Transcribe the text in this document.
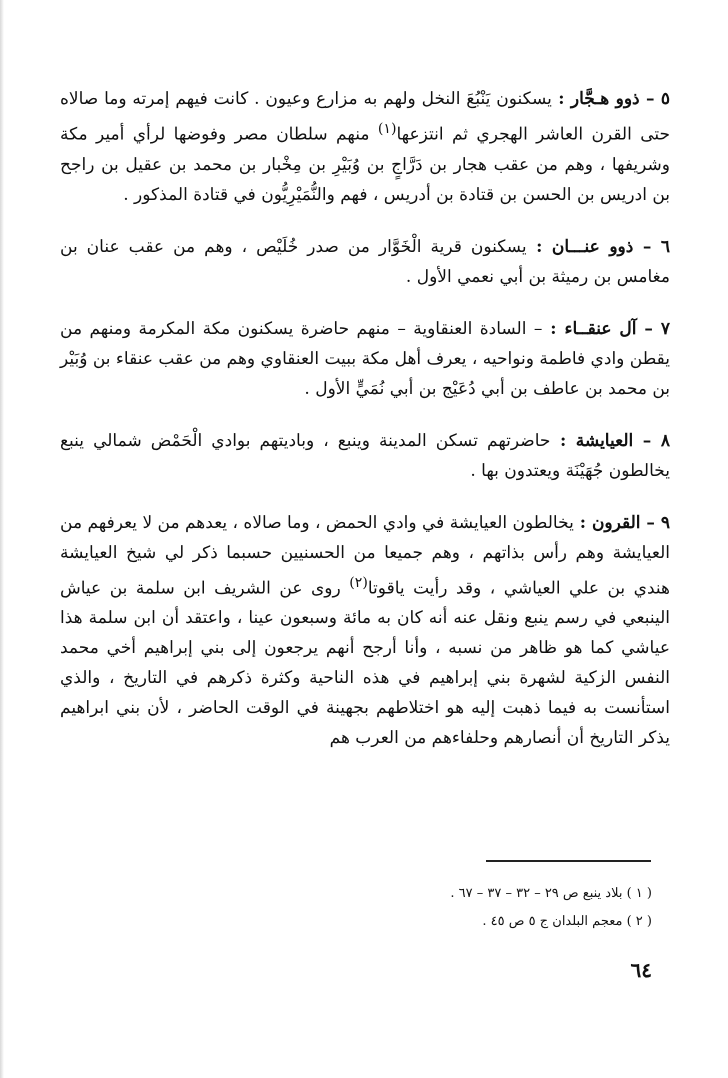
٥ – ذوو هـجَّار : يسكنون يَنْبُعَ النخل ولهم به مزارع وعيون . كانت فيهم إمرته وما صالاه حتى القرن العاشر الهجري ثم انتزعها$^{(١)}$ منهم سلطان مصر وفوضها لرأي أمير مكة وشريفها ، وهم من عقب هجار بن دَرَّاجٍ بن وُبَيْرِ بن مِخْبار بن محمد بن عقيل بن راجح بن ادريس بن الحسن بن قتادة بن أدريس ، فهم والنُّمَيْرِيُّون في قتادة المذكور .

٦ – ذوو عنـــان : يسكنون قرية الْخَوَّار من صدر خُلَيْص ، وهم من عقب عنان بن مغامس بن رميثة بن أبي نعمي الأول .

٧ – آل عنقــاء : – السادة العنقاوية – منهم حاضرة يسكنون مكة المكرمة ومنهم من يقطن وادي فاطمة ونواحيه ، يعرف أهل مكة ببيت العنقاوي وهم من عقب عنقاء بن وُبَيْر بن محمد بن عاطف بن أبي دُعَيْج بن أبي نُمَيٍّ الأول .

٨ – العيايشة : حاضرتهم تسكن المدينة وينبع ، وباديتهم بوادي الْحَمْض شمالي ينبع يخالطون جُهَيْنَة ويعتدون بها .

٩ – القرون : يخالطون العيايشة في وادي الحمض ، وما صالاه ، يعدهم من لا يعرفهم من العيايشة وهم رأس بذاتهم ، وهم جميعا من الحسنيين حسبما ذكر لي شيخ العيايشة هندي بن علي العياشي ، وقد رأيت ياقوتا$^{(٢)}$ روى عن الشريف ابن سلمة بن عياش الينبعي في رسم ينبع ونقل عنه أنه كان به مائة وسبعون عينا ، واعتقد أن ابن سلمة هذا عياشي كما هو ظاهر من نسبه ، وأنا أرجح أنهم يرجعون إلى بني إبراهيم أخي محمد النفس الزكية لشهرة بني إبراهيم في هذه الناحية وكثرة ذكرهم في التاريخ ، والذي استأنست به فيما ذهبت إليه هو اختلاطهم بجهينة في الوقت الحاضر ، لأن بني ابراهيم يذكر التاريخ أن أنصارهم وحلفاءهم من العرب هم

( ١ ) بلاد ينبع ص ٢٩ – ٣٢ – ٣٧ – ٦٧ .

( ٢ ) معجم البلدان ج ٥ ص ٤٥ .

٦٤
